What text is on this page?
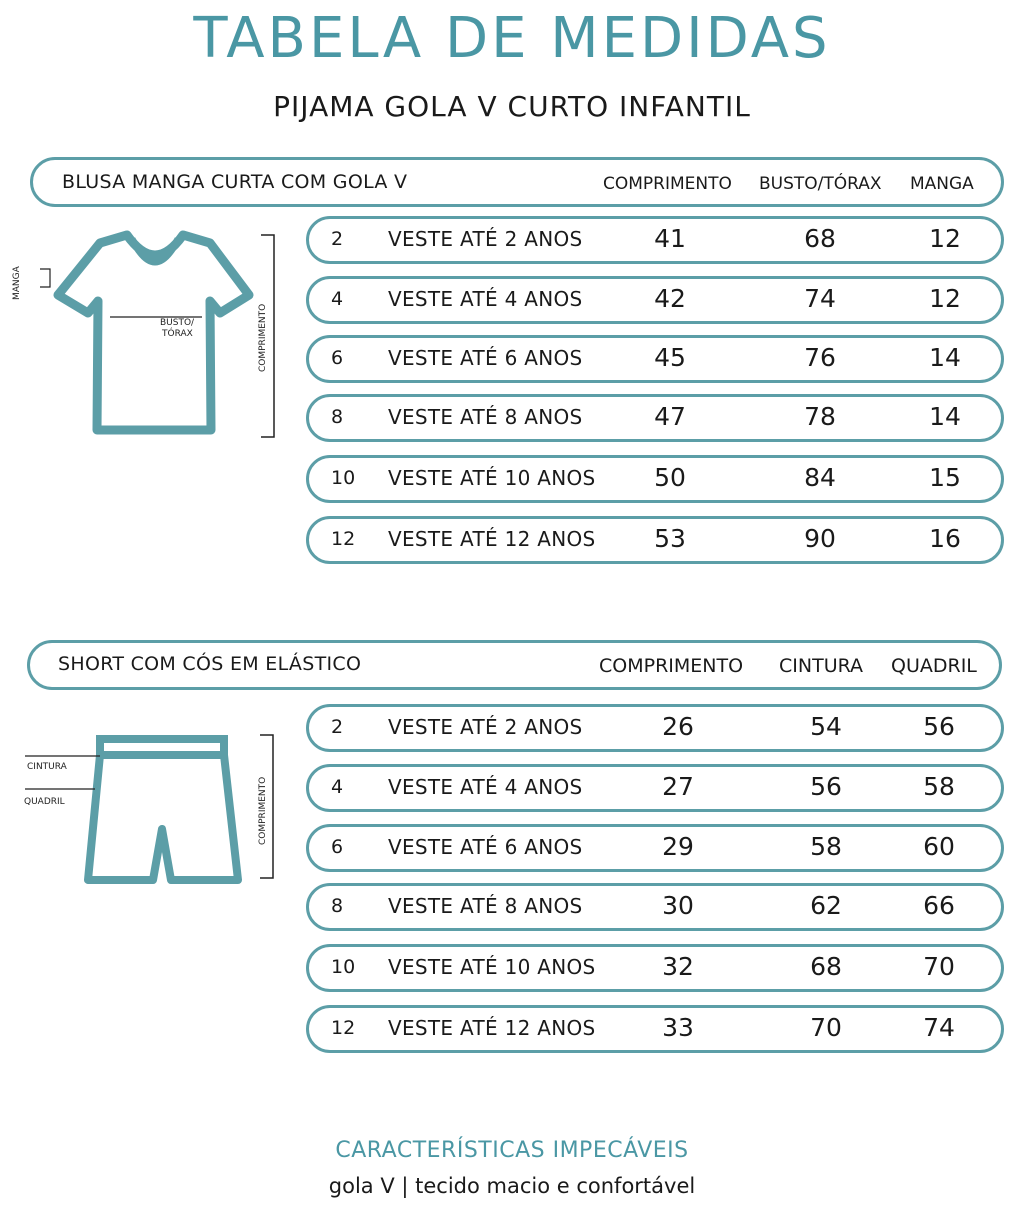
TABELA DE MEDIDAS
PIJAMA GOLA V CURTO INFANTIL
BLUSA MANGA CURTA COM GOLA V	COMPRIMENTO BUSTO/TÓRAX MANGA
MANGA
BUSTO/
TÓRAX	COMPRIMENTO
2 VESTE ATÉ 2 ANOS	41	68	12
4 VESTE ATÉ 4 ANOS	42	74	12
6 VESTE ATÉ 6 ANOS	45	76	14
8 VESTE ATÉ 8 ANOS	47	78	14
10 VESTE ATÉ 10 ANOS	50	84	15
12 VESTE ATÉ 12 ANOS	53	90	16
SHORT COM CÓS EM ELÁSTICO	COMPRIMENTO CINTURA QUADRIL
CINTURA
QUADRIL	COMPRIMENTO
2 VESTE ATÉ 2 ANOS	26	54	56
4 VESTE ATÉ 4 ANOS	27	56	58
6 VESTE ATÉ 6 ANOS	29	58	60
8 VESTE ATÉ 8 ANOS	30	62	66
10 VESTE ATÉ 10 ANOS	32	68	70
12 VESTE ATÉ 12 ANOS	33	70	74
CARACTERÍSTICAS IMPECÁVEIS
gola V | tecido macio e confortável
